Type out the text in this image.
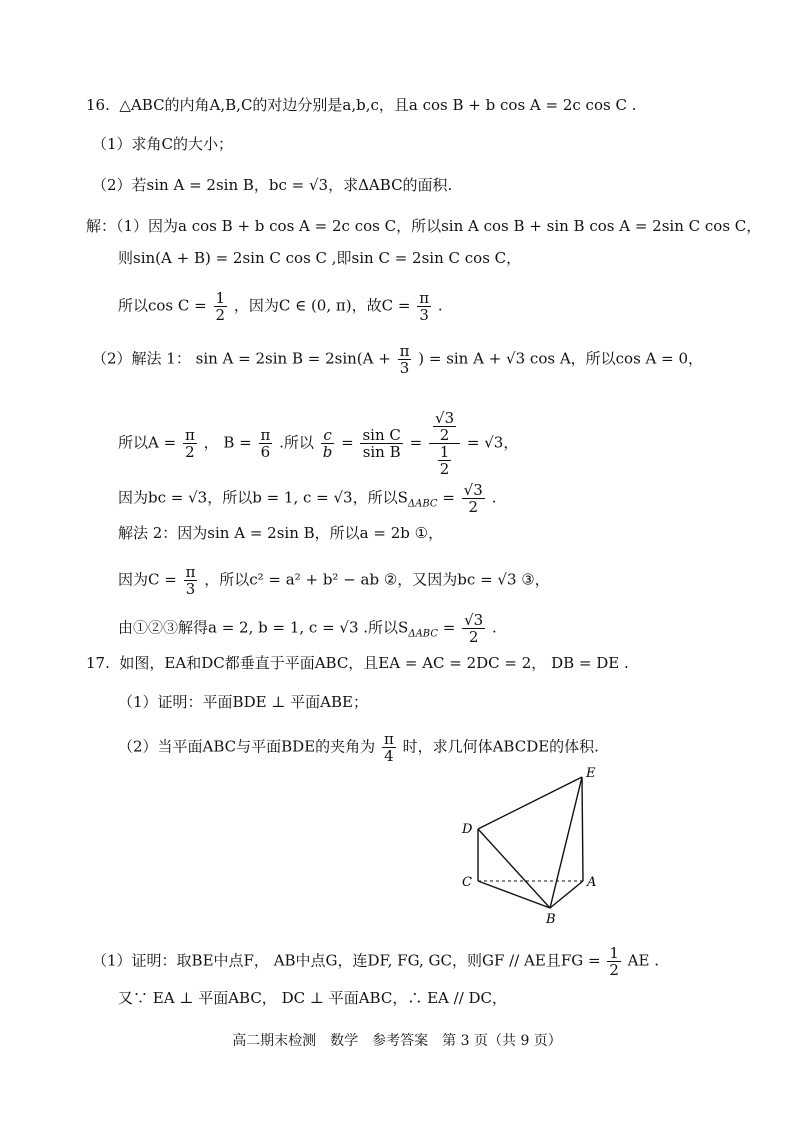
16. △ABC的内角A,B,C的对边分别是a,b,c，且a cos B + b cos A = 2c cos C .
（1）求角C的大小；
（2）若sin A = 2sin B，bc = √3，求ΔABC的面积.
解：（1）因为a cos B + b cos A = 2c cos C，所以sin A cos B + sin B cos A = 2sin C cos C，
则sin(A + B) = 2sin C cos C ,即sin C = 2sin C cos C，
所以$\cos C = \frac{1}{2}$ ，因为C ∈ (0, π)，故$C = \frac{\pi}{3}$ .
（2）解法 1： sin A = 2sin $B = 2\sin(A + \frac{\pi}{3}$ ) = sin A + √3 cos A，所以cos A = 0，
所以$A = \frac{\pi}{2}$ ， $B = \frac{\pi}{6}$ .所以 $\frac{c}{b} = \frac{\text{sin C}}{\text{sin B}} = \frac{\frac{√3}{2}}{\frac{1}{2}} = √3$，
因为bc = √3，所以b = 1, c = √3，所以$S_{\Delta ABC} = \frac{√3}{2}$ .
解法 2：因为sin A = 2sin B，所以a = 2b ①，
因为$C = \frac{\pi}{3}$ ，所以c² = a² + b² − ab ②，又因为bc = √3 ③，
由①②③解得a = 2, b = 1, c = √3 .所以$S_{\Delta ABC} = \frac{√3}{2}$ .
17. 如图，EA和DC都垂直于平面ABC，且EA = AC = 2DC = 2， DB = DE .
（1）证明：平面BDE ⊥ 平面ABE；
（2）当平面ABC与平面BDE的夹角为 $\frac{\pi}{4}$ 时，求几何体ABCDE的体积.
E
D
C	A
B
（1）证明：取BE中点F， AB中点G，连DF, FG, GC，则GF // AE且FG = $\frac{1}{2}$ AE .
又∵ EA ⊥ 平面ABC， DC ⊥ 平面ABC，∴ EA // DC，
高二期末检测　数学　参考答案　第 3 页（共 9 页）
